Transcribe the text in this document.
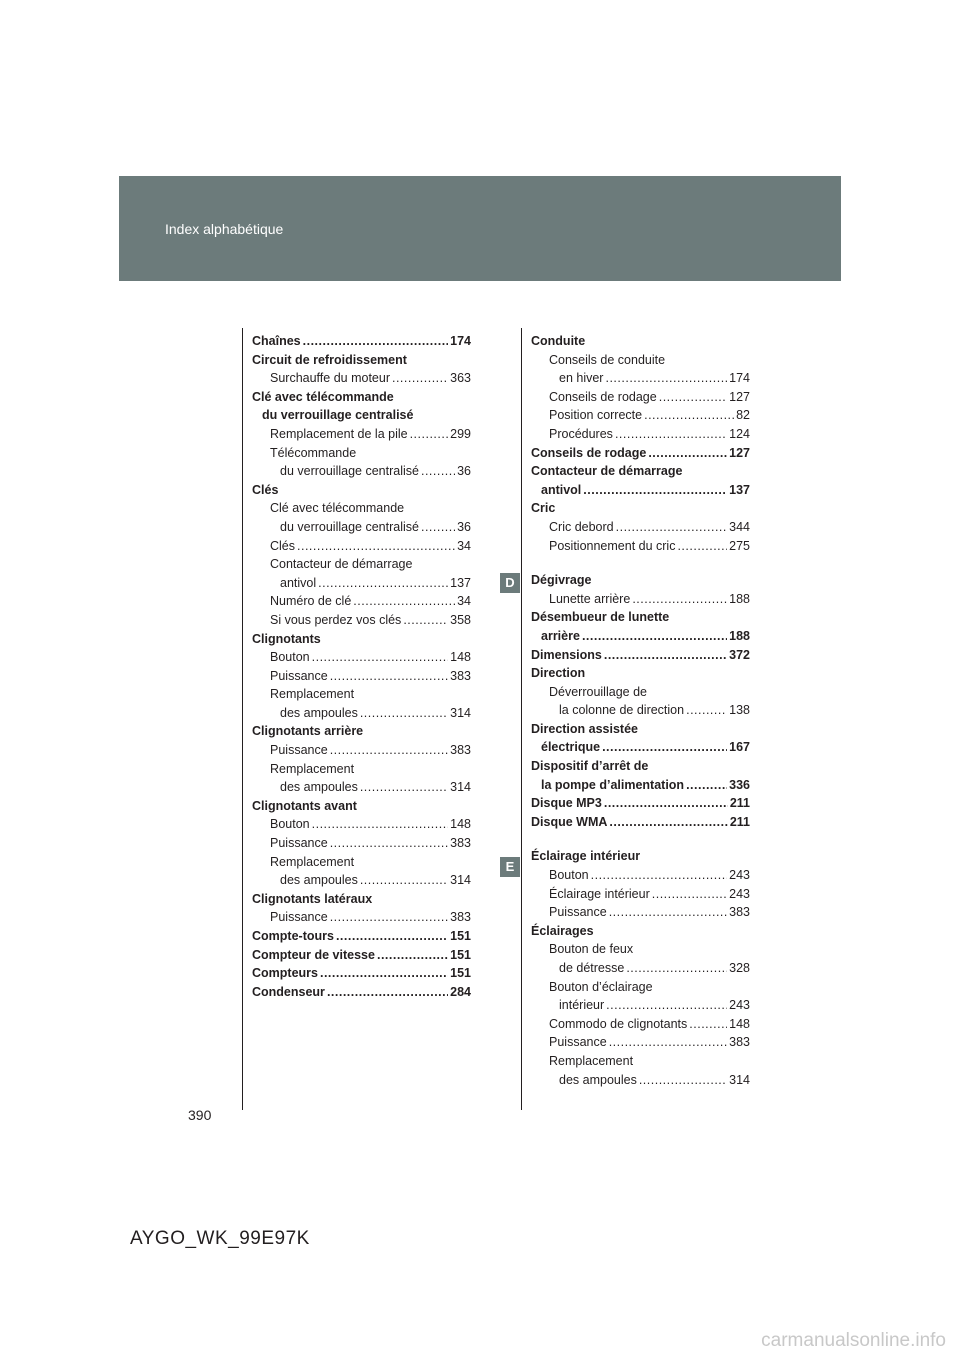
Index alphabétique
Chaînes .....	174
Circuit de refroidissement
Surchauffe du moteur .....	363
Clé avec télécommande
du verrouillage centralisé
Remplacement de la pile .....	299
Télécommande
du verrouillage centralisé .....	36
Clés
Clé avec télécommande
du verrouillage centralisé .....	36
Clés .....	34
Contacteur de démarrage
antivol .....	137
Numéro de clé .....	34
Si vous perdez vos clés .....	358
Clignotants
Bouton .....	148
Puissance .....	383
Remplacement
des ampoules .....	314
Clignotants arrière
Puissance .....	383
Remplacement
des ampoules .....	314
Clignotants avant
Bouton .....	148
Puissance .....	383
Remplacement
des ampoules .....	314
Clignotants latéraux
Puissance .....	383
Compte-tours .....	151
Compteur de vitesse .....	151
Compteurs .....	151
Condenseur .....	284
Conduite
Conseils de conduite
en hiver .....	174
Conseils de rodage .....	127
Position correcte .....	82
Procédures .....	124
Conseils de rodage .....	127
Contacteur de démarrage
antivol .....	137
Cric
Cric debord .....	344
Positionnement du cric .....	275
Dégivrage
Lunette arrière .....	188
Désembueur de lunette
arrière .....	188
Dimensions .....	372
Direction
Déverrouillage de
la colonne de direction .....	138
Direction assistée
électrique .....	167
Dispositif d’arrêt de
la pompe d’alimentation .....	336
Disque MP3 .....	211
Disque WMA .....	211
Éclairage intérieur
Bouton .....	243
Éclairage intérieur .....	243
Puissance .....	383
Éclairages
Bouton de feux
de détresse .....	328
Bouton d’éclairage
intérieur .....	243
Commodo de clignotants .....	148
Puissance .....	383
Remplacement
des ampoules .....	314
D
E
390
AYGO_WK_99E97K
carmanualsonline.info
